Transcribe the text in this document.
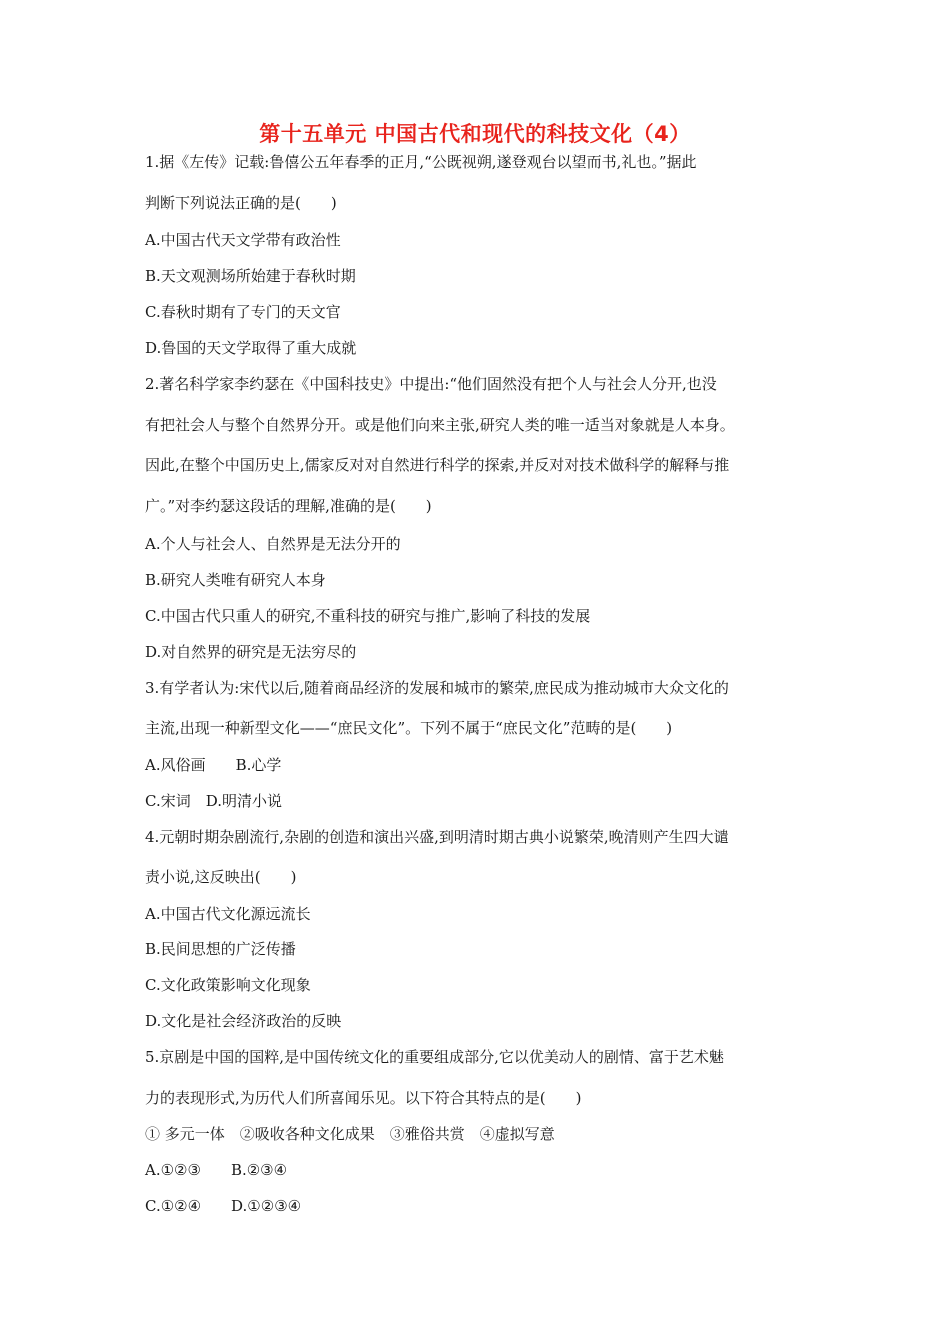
第十五单元 中国古代和现代的科技文化（4）
1.据《左传》记载:鲁僖公五年春季的正月,“公既视朔,遂登观台以望而书,礼也。”据此
判断下列说法正确的是(　　)
A.中国古代天文学带有政治性
B.天文观测场所始建于春秋时期
C.春秋时期有了专门的天文官
D.鲁国的天文学取得了重大成就
2.著名科学家李约瑟在《中国科技史》中提出:“他们固然没有把个人与社会人分开,也没
有把社会人与整个自然界分开。或是他们向来主张,研究人类的唯一适当对象就是人本身。
因此,在整个中国历史上,儒家反对对自然进行科学的探索,并反对对技术做科学的解释与推
广。”对李约瑟这段话的理解,准确的是(　　)
A.个人与社会人、自然界是无法分开的
B.研究人类唯有研究人本身
C.中国古代只重人的研究,不重科技的研究与推广,影响了科技的发展
D.对自然界的研究是无法穷尽的
3.有学者认为:宋代以后,随着商品经济的发展和城市的繁荣,庶民成为推动城市大众文化的
主流,出现一种新型文化——“庶民文化”。下列不属于“庶民文化”范畴的是(　　)
A.风俗画　　B.心学
C.宋词　D.明清小说
4.元朝时期杂剧流行,杂剧的创造和演出兴盛,到明清时期古典小说繁荣,晚清则产生四大谴
责小说,这反映出(　　)
A.中国古代文化源远流长
B.民间思想的广泛传播
C.文化政策影响文化现象
D.文化是社会经济政治的反映
5.京剧是中国的国粹,是中国传统文化的重要组成部分,它以优美动人的剧情、富于艺术魅
力的表现形式,为历代人们所喜闻乐见。以下符合其特点的是(　　)
① 多元一体　②吸收各种文化成果　③雅俗共赏　④虚拟写意
A.①②③　　B.②③④
C.①②④　　D.①②③④
